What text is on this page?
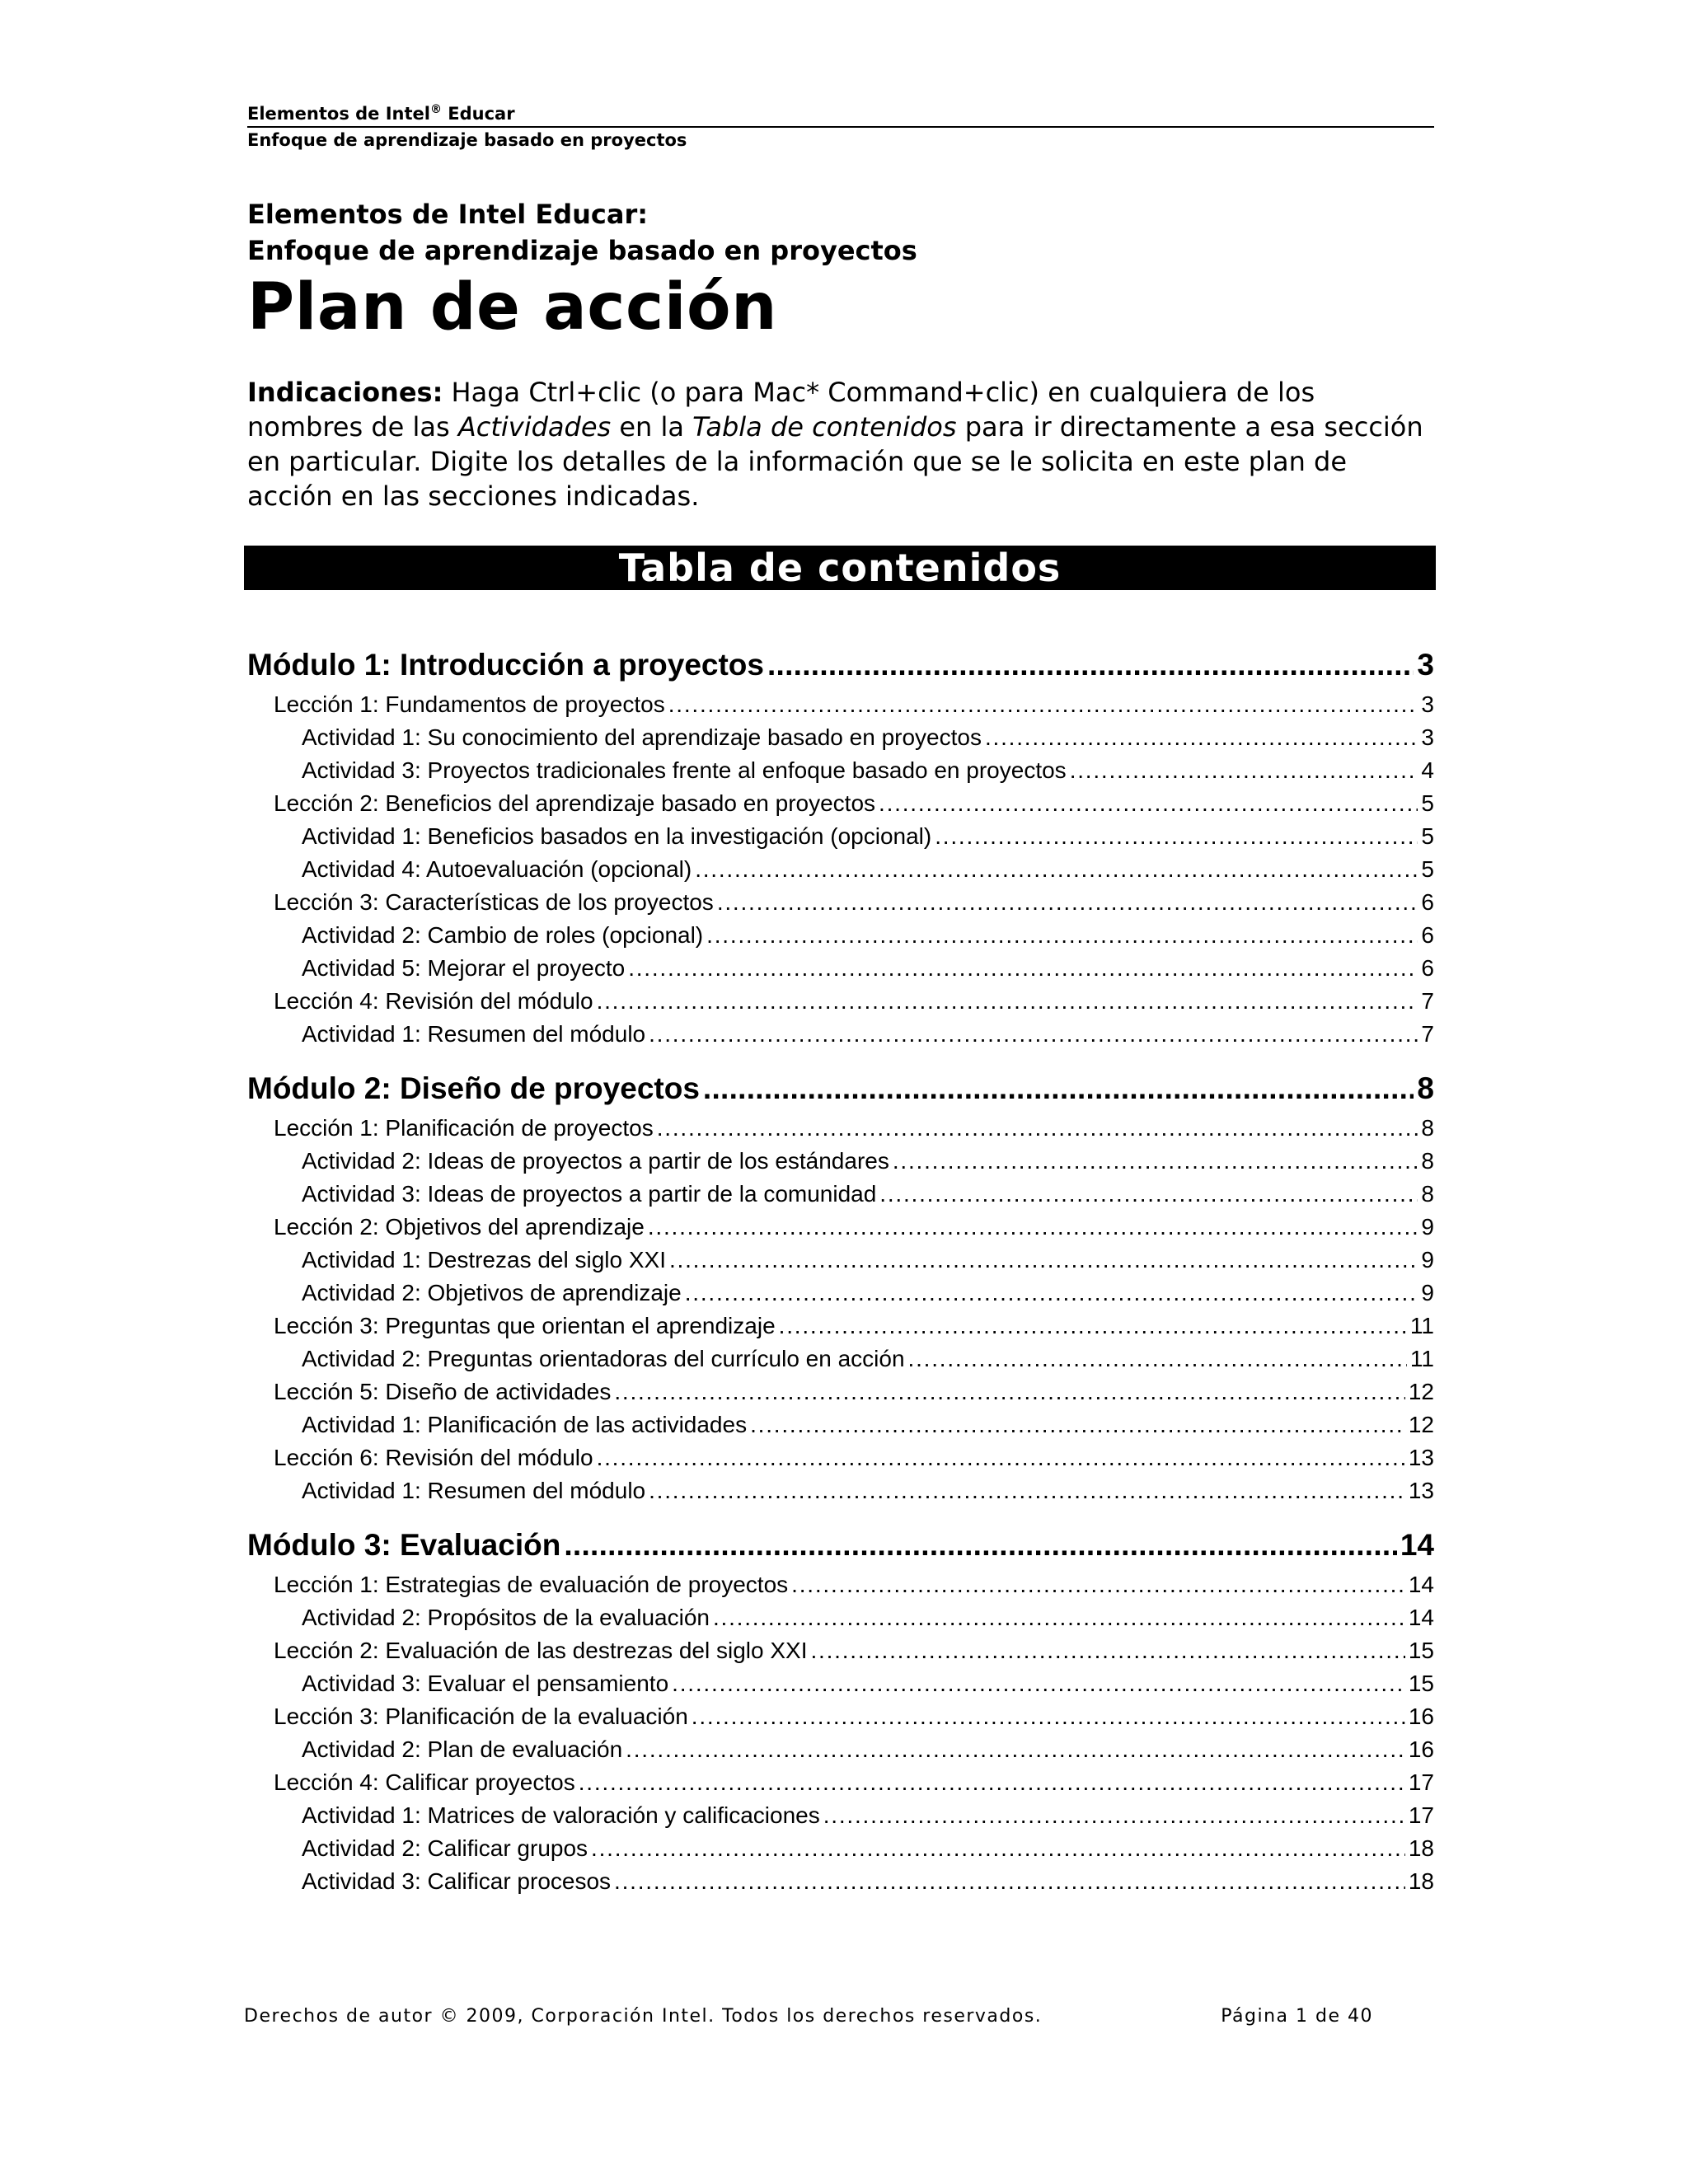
Elementos de Intel® Educar
Enfoque de aprendizaje basado en proyectos
Elementos de Intel Educar:
Enfoque de aprendizaje basado en proyectos
Plan de acción
Indicaciones: Haga Ctrl+clic (o para Mac* Command+clic) en cualquiera de los nombres de las Actividades en la Tabla de contenidos para ir directamente a esa sección en particular. Digite los detalles de la información que se le solicita en este plan de acción en las secciones indicadas.
Tabla de contenidos
Módulo 1: Introducción a proyectos . . .	3
Lección 1: Fundamentos de proyectos . . .	3
Actividad 1: Su conocimiento del aprendizaje basado en proyectos . . .	3
Actividad 3: Proyectos tradicionales frente al enfoque basado en proyectos . . .	4
Lección 2: Beneficios del aprendizaje basado en proyectos . . .	5
Actividad 1: Beneficios basados en la investigación (opcional) . . .	5
Actividad 4: Autoevaluación (opcional) . . .	5
Lección 3: Características de los proyectos . . .	6
Actividad 2: Cambio de roles (opcional) . . .	6
Actividad 5: Mejorar el proyecto . . .	6
Lección 4: Revisión del módulo . . .	7
Actividad 1: Resumen del módulo . . .	7
Módulo 2: Diseño de proyectos . . .	8
Lección 1: Planificación de proyectos . . .	8
Actividad 2: Ideas de proyectos a partir de los estándares . . .	8
Actividad 3: Ideas de proyectos a partir de la comunidad . . .	8
Lección 2: Objetivos del aprendizaje . . .	9
Actividad 1: Destrezas del siglo XXI . . .	9
Actividad 2: Objetivos de aprendizaje . . .	9
Lección 3: Preguntas que orientan el aprendizaje . . .	11
Actividad 2: Preguntas orientadoras del currículo en acción . . .	11
Lección 5: Diseño de actividades . . .	12
Actividad 1: Planificación de las actividades . . .	12
Lección 6: Revisión del módulo . . .	13
Actividad 1: Resumen del módulo . . .	13
Módulo 3: Evaluación . . .	14
Lección 1: Estrategias de evaluación de proyectos . . .	14
Actividad 2: Propósitos de la evaluación . . .	14
Lección 2: Evaluación de las destrezas del siglo XXI . . .	15
Actividad 3: Evaluar el pensamiento . . .	15
Lección 3: Planificación de la evaluación . . .	16
Actividad 2: Plan de evaluación . . .	16
Lección 4: Calificar proyectos . . .	17
Actividad 1: Matrices de valoración y calificaciones . . .	17
Actividad 2: Calificar grupos . . .	18
Actividad 3: Calificar procesos . . .	18
Derechos de autor © 2009, Corporación Intel. Todos los derechos reservados.	Página 1 de 40
